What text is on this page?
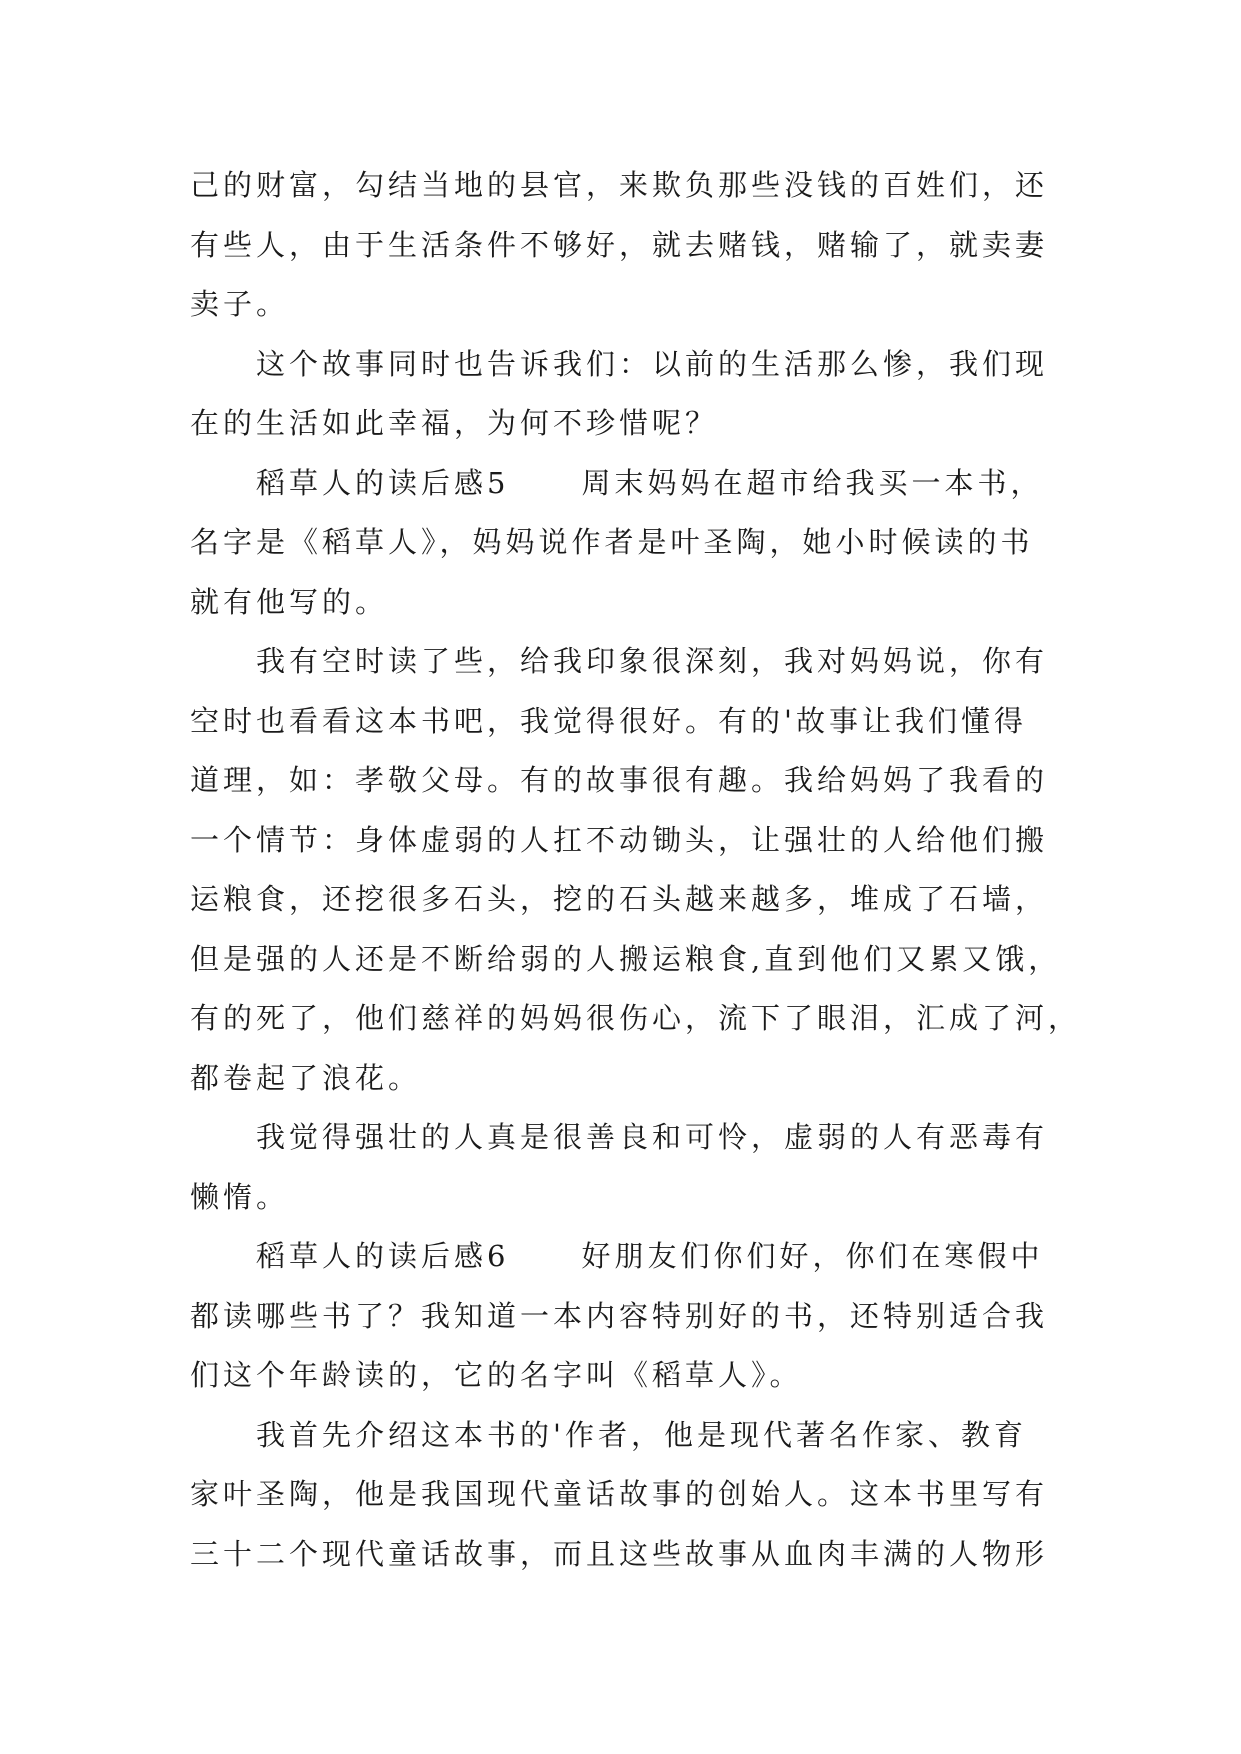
己的财富，勾结当地的县官，来欺负那些没钱的百姓们，还
有些人，由于生活条件不够好，就去赌钱，赌输了，就卖妻
卖子。
这个故事同时也告诉我们：以前的生活那么惨，我们现
在的生活如此幸福，为何不珍惜呢？
稻草人的读后感5 周末妈妈在超市给我买一本书，
名字是《稻草人》，妈妈说作者是叶圣陶，她小时候读的书
就有他写的。
我有空时读了些，给我印象很深刻，我对妈妈说，你有
空时也看看这本书吧，我觉得很好。有的'故事让我们懂得
道理，如：孝敬父母。有的故事很有趣。我给妈妈了我看的
一个情节：身体虚弱的人扛不动锄头，让强壮的人给他们搬
运粮食，还挖很多石头，挖的石头越来越多，堆成了石墙，
但是强的人还是不断给弱的人搬运粮食,直到他们又累又饿，
有的死了，他们慈祥的妈妈很伤心，流下了眼泪，汇成了河，
都卷起了浪花。
我觉得强壮的人真是很善良和可怜，虚弱的人有恶毒有
懒惰。
稻草人的读后感6 好朋友们你们好，你们在寒假中
都读哪些书了？我知道一本内容特别好的书，还特别适合我
们这个年龄读的，它的名字叫《稻草人》。
我首先介绍这本书的'作者，他是现代著名作家、教育
家叶圣陶，他是我国现代童话故事的创始人。这本书里写有
三十二个现代童话故事，而且这些故事从血肉丰满的人物形
